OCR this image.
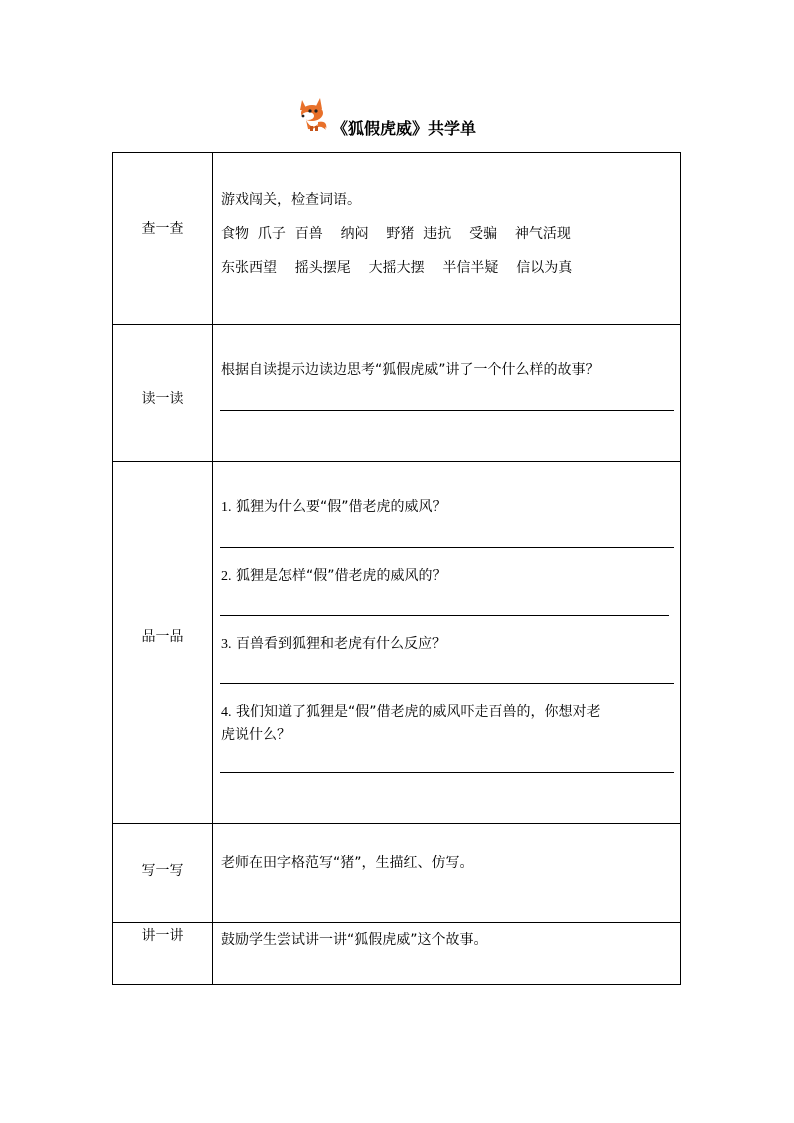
《狐假虎威》共学单
查一查	游戏闯关，检查词语。
食物  爪子  百兽    纳闷    野猪  违抗    受骗    神气活现
东张西望    摇头摆尾    大摇大摆    半信半疑    信以为真

读一读	根据自读提示边读边思考“狐假虎威”讲了一个什么样的故事？

品一品	1. 狐狸为什么要“假”借老虎的威风？
2. 狐狸是怎样“假”借老虎的威风的？
3. 百兽看到狐狸和老虎有什么反应？
4. 我们知道了狐狸是“假”借老虎的威风吓走百兽的，你想对老
虎说什么？

写一写	老师在田字格范写“猪”，生描红、仿写。

讲一讲	鼓励学生尝试讲一讲“狐假虎威”这个故事。
